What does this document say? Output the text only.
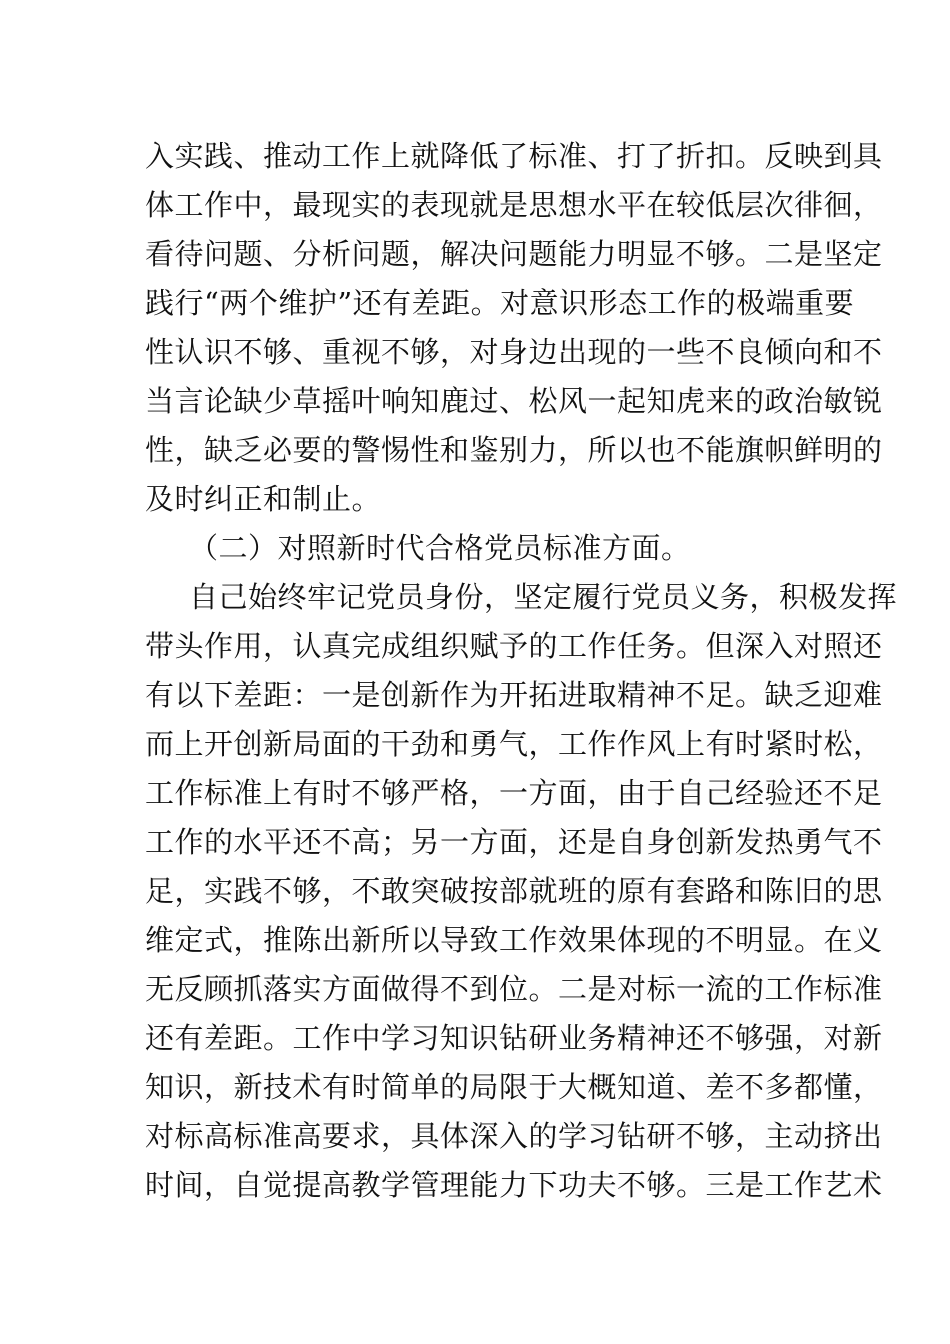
入实践、推动工作上就降低了标准、打了折扣。反映到具
体工作中，最现实的表现就是思想水平在较低层次徘徊，
看待问题、分析问题，解决问题能力明显不够。二是坚定
践行“两个维护”还有差距。对意识形态工作的极端重要
性认识不够、重视不够，对身边出现的一些不良倾向和不
当言论缺少草摇叶响知鹿过、松风一起知虎来的政治敏锐
性，缺乏必要的警惕性和鉴别力，所以也不能旗帜鲜明的
及时纠正和制止。
（二）对照新时代合格党员标准方面。
自己始终牢记党员身份，坚定履行党员义务，积极发挥
带头作用，认真完成组织赋予的工作任务。但深入对照还
有以下差距：一是创新作为开拓进取精神不足。缺乏迎难
而上开创新局面的干劲和勇气，工作作风上有时紧时松，
工作标准上有时不够严格，一方面，由于自己经验还不足
工作的水平还不高；另一方面，还是自身创新发热勇气不
足，实践不够，不敢突破按部就班的原有套路和陈旧的思
维定式，推陈出新所以导致工作效果体现的不明显。在义
无反顾抓落实方面做得不到位。二是对标一流的工作标准
还有差距。工作中学习知识钻研业务精神还不够强，对新
知识，新技术有时简单的局限于大概知道、差不多都懂，
对标高标准高要求，具体深入的学习钻研不够，主动挤出
时间，自觉提高教学管理能力下功夫不够。三是工作艺术
